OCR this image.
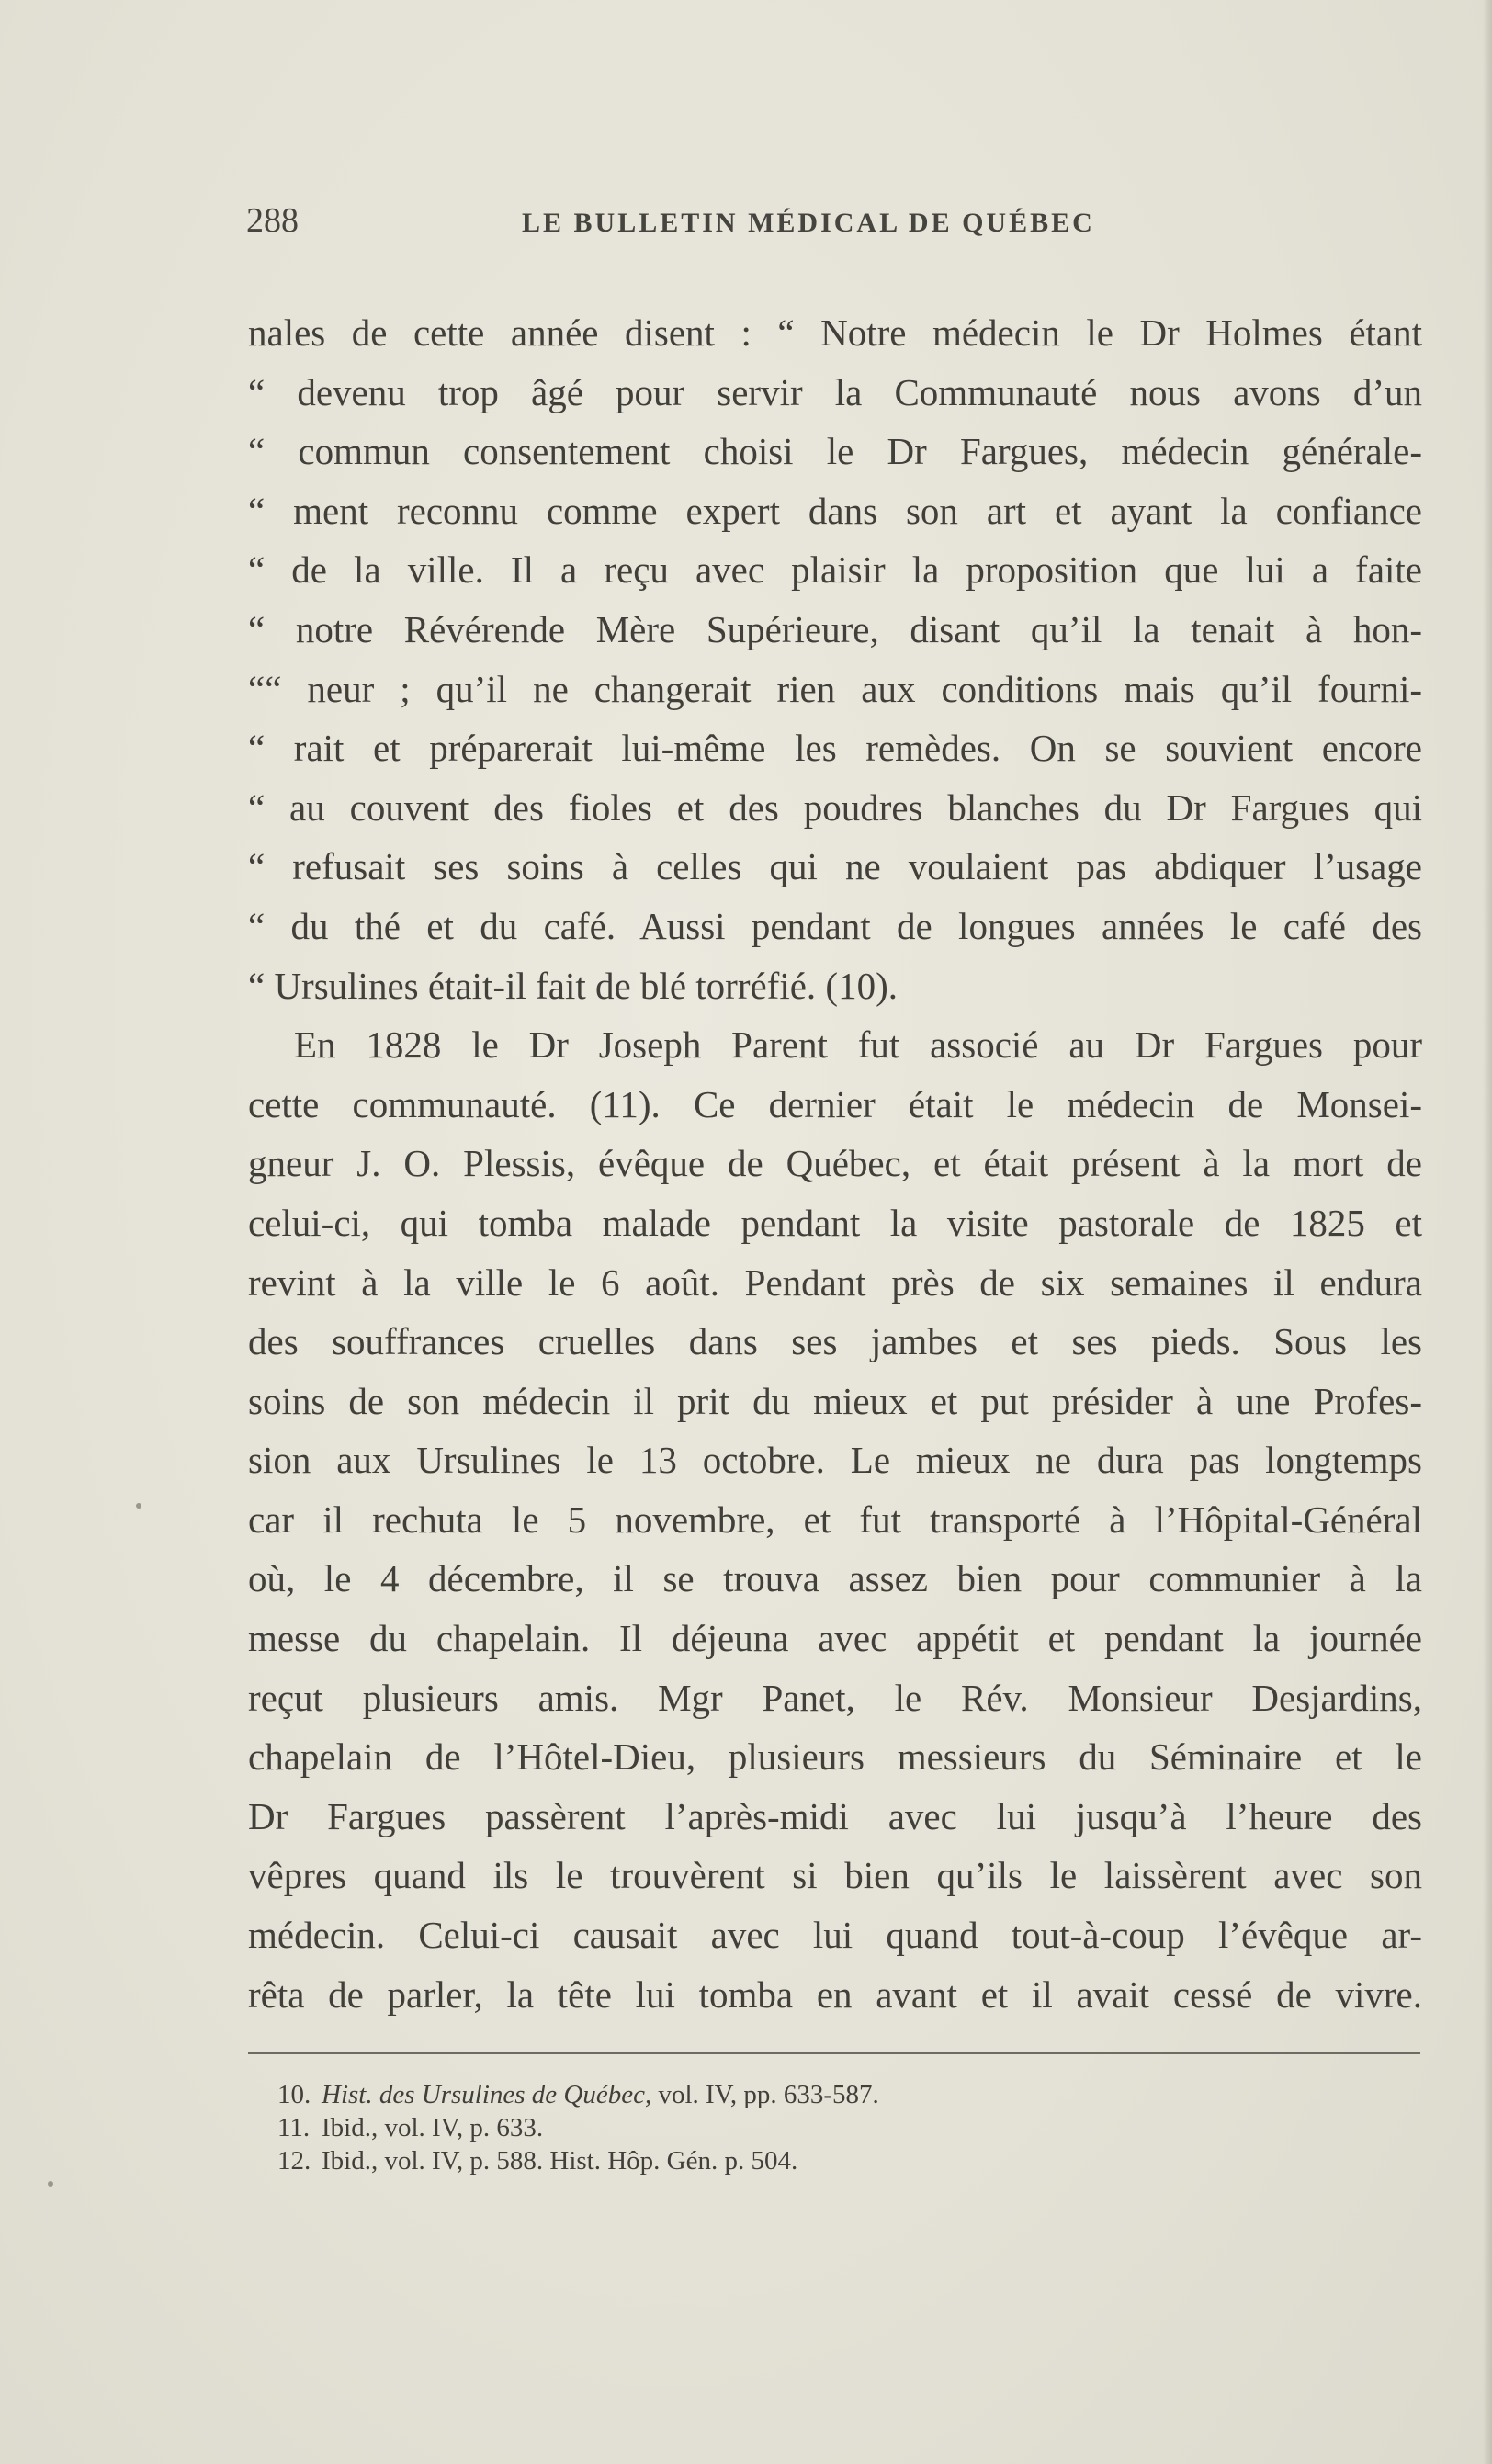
288	LE BULLETIN MÉDICAL DE QUÉBEC
nales de cette année disent : “ Notre médecin le Dr Holmes étant
“ devenu trop âgé pour servir la Communauté nous avons d’un
“ commun consentement choisi le Dr Fargues, médecin générale-
“ ment reconnu comme expert dans son art et ayant la confiance
“ de la ville. Il a reçu avec plaisir la proposition que lui a faite
“ notre Révérende Mère Supérieure, disant qu’il la tenait à hon-
““ neur ; qu’il ne changerait rien aux conditions mais qu’il fourni-
“ rait et préparerait lui-même les remèdes. On se souvient encore
“ au couvent des fioles et des poudres blanches du Dr Fargues qui
“ refusait ses soins à celles qui ne voulaient pas abdiquer l’usage
“ du thé et du café. Aussi pendant de longues années le café des
“ Ursulines était-il fait de blé torréfié. (10).
En 1828 le Dr Joseph Parent fut associé au Dr Fargues pour
cette communauté. (11). Ce dernier était le médecin de Monsei-
gneur J. O. Plessis, évêque de Québec, et était présent à la mort de
celui-ci, qui tomba malade pendant la visite pastorale de 1825 et
revint à la ville le 6 août. Pendant près de six semaines il endura
des souffrances cruelles dans ses jambes et ses pieds. Sous les
soins de son médecin il prit du mieux et put présider à une Profes-
sion aux Ursulines le 13 octobre. Le mieux ne dura pas longtemps
car il rechuta le 5 novembre, et fut transporté à l’Hôpital-Général
où, le 4 décembre, il se trouva assez bien pour communier à la
messe du chapelain. Il déjeuna avec appétit et pendant la journée
reçut plusieurs amis. Mgr Panet, le Rév. Monsieur Desjardins,
chapelain de l’Hôtel-Dieu, plusieurs messieurs du Séminaire et le
Dr Fargues passèrent l’après-midi avec lui jusqu’à l’heure des
vêpres quand ils le trouvèrent si bien qu’ils le laissèrent avec son
médecin. Celui-ci causait avec lui quand tout-à-coup l’évêque ar-
rêta de parler, la tête lui tomba en avant et il avait cessé de vivre.
10. Hist. des Ursulines de Québec, vol. IV, pp. 633-587.
11. Ibid., vol. IV, p. 633.
12. Ibid., vol. IV, p. 588. Hist. Hôp. Gén. p. 504.
